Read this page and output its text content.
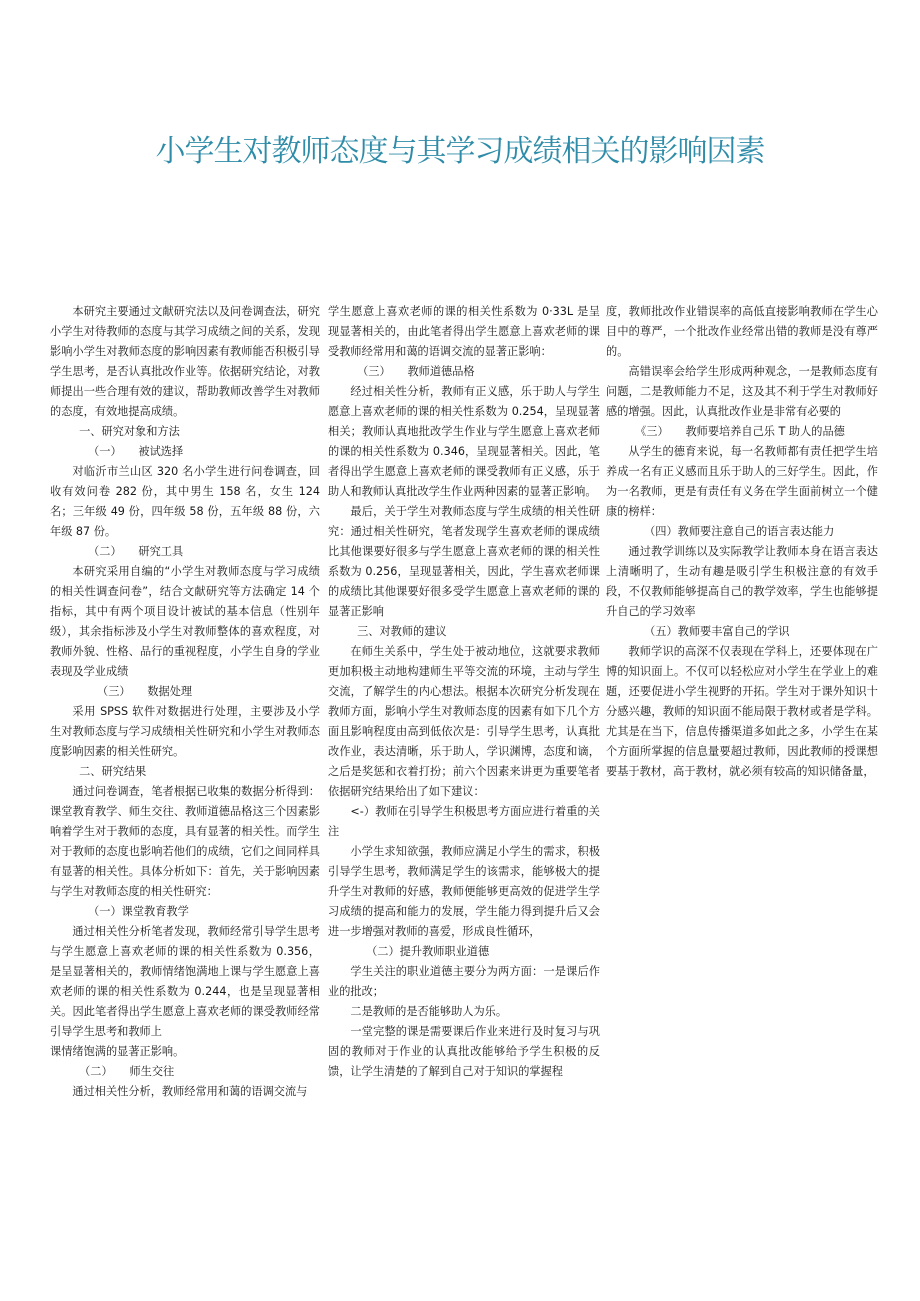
小学生对教师态度与其学习成绩相关的影响因素

本研究主要通过文献研究法以及问卷调查法，研究小学生对待教师的态度与其学习成绩之间的关系，发现影响小学生对教师态度的影响因素有教师能否积极引导学生思考，是否认真批改作业等。依据研究结论，对教师提出一些合理有效的建议，帮助教师改善学生对教师的态度，有效地提高成绩。

一、研究对象和方法

（一）　　被试选择

对临沂市兰山区 320 名小学生进行问卷调查，回收有效问卷 282 份，其中男生 158 名，女生 124 名；三年级 49 份，四年级 58 份，五年级 88 份，六年级 87 份。

（二）　　研究工具

本研究采用自编的“小学生对教师态度与学习成绩的相关性调查问卷”，结合文献研究等方法确定 14 个指标，其中有两个项目设计被试的基本信息（性别年级），其余指标涉及小学生对教师整体的喜欢程度，对教师外貌、性格、品行的重视程度，小学生自身的学业表现及学业成绩

（三）　　数据处理

采用 SPSS 软件对数据进行处理，主要涉及小学生对教师态度与学习成绩相关性研究和小学生对教师态度影响因素的相关性研究。

二、研究结果

通过问卷调查，笔者根据已收集的数据分析得到：课堂教育教学、师生交往、教师道德品格这三个因素影响着学生对于教师的态度，具有显著的相关性。而学生对于教师的态度也影响若他们的成绩，它们之间同样具有显著的相关性。具体分析如下：首先，关于影响因素与学生对教师态度的相关性研究：

（一）课堂教育教学

通过相关性分析笔者发现，教师经常引导学生思考与学生愿意上喜欢老师的课的相关性系数为 0.356，是呈显著相关的，教师情绪饱满地上课与学生愿意上喜欢老师的课的相关性系数为 0.244，也是呈现显著相关。因此笔者得出学生愿意上喜欢老师的课受教师经常引导学生思考和教师上

课情绪饱满的显著正影响。

（二）　　师生交往

通过相关性分析，教师经常用和蔼的语调交流与

学生愿意上喜欢老师的课的相关性系数为 0·33L 是呈现显著相关的，由此笔者得出学生愿意上喜欢老师的课受教师经常用和蔼的语调交流的显著正影响：

（三）　　教师道德品格

经过相关性分析，教师有正义感，乐于助人与学生愿意上喜欢老师的课的相关性系数为 0.254，呈现显著相关；教师认真地批改学生作业与学生愿意上喜欢老师的课的相关性系数为 0.346，呈现显著相关。因此，笔者得出学生愿意上喜欢老师的课受教师有正义感，乐于助人和教师认真批改学生作业两种因素的显著正影响。

最后，关于学生对教师态度与学生成绩的相关性研究：通过相关性研究，笔者发现学生喜欢老师的课成绩比其他课要好很多与学生愿意上喜欢老师的课的相关性系数为 0.256，呈现显著相关，因此，学生喜欢老师课的成绩比其他课要好很多受学生愿意上喜欢老师的课的显著正影响

三、对教师的建议

在师生关系中，学生处于被动地位，这就要求教师更加积极主动地构建师生平等交流的环境，主动与学生交流，了解学生的内心想法。根据本次研究分析发现在教师方面，影响小学生对教师态度的因素有如下几个方面且影响程度由高到低依次是：引导学生思考，认真批改作业，表达清晰，乐于助人，学识渊博，态度和谪，之后是奖惩和衣着打扮；前六个因素来讲更为重要笔者依据研究结果给出了如下建议：

<-）教师在引导学生积极思考方面应进行着重的关注

小学生求知欲强，教师应满足小学生的需求，积极引导学生思考，教师满足学生的该需求，能够极大的提升学生对教师的好感，教师便能够更高效的促进学生学习成绩的提高和能力的发展，学生能力得到提升后又会进一步增强对教师的喜爱，形成良性循环，

（二）提升教师职业道德

学生关注的职业道德主要分为两方面：一是课后作业的批改；

二是教师的是否能够助人为乐。

一堂完整的课是需要课后作业来进行及时复习与巩固的教师对于作业的认真批改能够给予学生积极的反馈，让学生清楚的了解到自己对于知识的掌握程

度，教师批改作业错误率的高低直接影响教师在学生心目中的尊严，一个批改作业经常出错的教师是没有尊严的。

高错误率会给学生形成两种观念，一是教师态度有问题，二是教师能力不足，这及其不利于学生对教师好感的增强。因此，认真批改作业是非常有必要的

《三）　　教师要培养自己乐 T 助人的品德

从学生的德育来说，每一名教师都有责任把学生培养成一名有正义感而且乐于助人的三好学生。因此，作为一名教师，更是有责任有义务在学生面前树立一个健康的榜样：

（四）教师要注意自己的语言表达能力

通过教学训练以及实际教学让教师本身在语言表达上清晰明了，生动有趣是吸引学生积极注意的有效手段，不仅教师能够提高自己的教学效率，学生也能够提升自己的学习效率

（五）教师要丰富自己的学识

教师学识的高深不仅表现在学科上，还要体现在广博的知识面上。不仅可以轻松应对小学生在学业上的难题，还要促进小学生视野的开拓。学生对于课外知识十分感兴趣，教师的知识面不能局限于教材或者是学科。尤其是在当下，信息传播渠道多如此之多，小学生在某个方面所掌握的信息量要超过教师，因此教师的授课想要基于教材，高于教材，就必须有较高的知识储备量，
